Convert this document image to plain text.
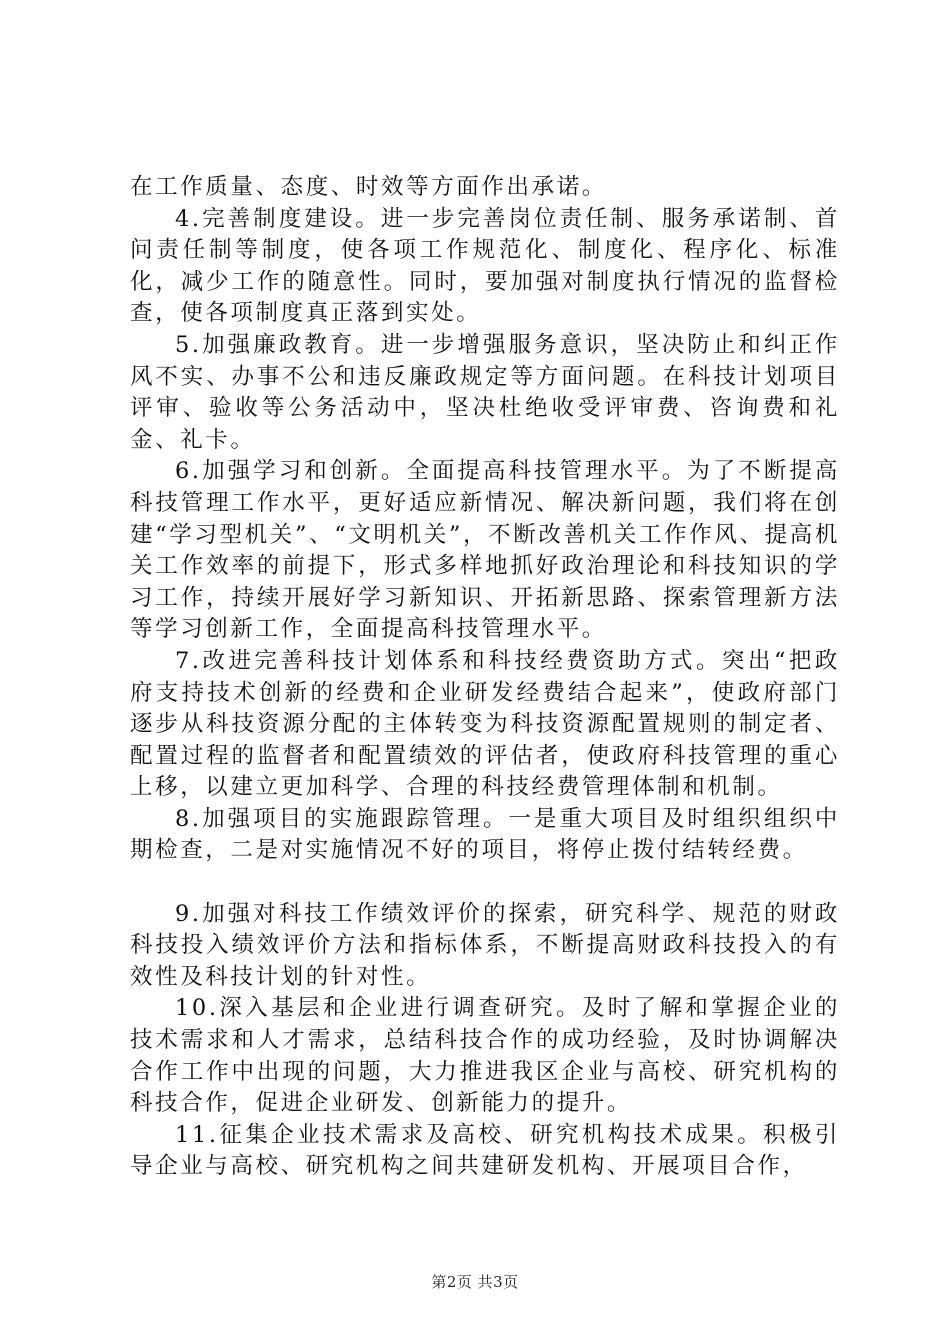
在工作质量、态度、时效等方面作出承诺。

4.完善制度建设。进一步完善岗位责任制、服务承诺制、首问责任制等制度，使各项工作规范化、制度化、程序化、标准化，减少工作的随意性。同时，要加强对制度执行情况的监督检查，使各项制度真正落到实处。

5.加强廉政教育。进一步增强服务意识，坚决防止和纠正作风不实、办事不公和违反廉政规定等方面问题。在科技计划项目评审、验收等公务活动中，坚决杜绝收受评审费、咨询费和礼金、礼卡。

6.加强学习和创新。全面提高科技管理水平。为了不断提高科技管理工作水平，更好适应新情况、解决新问题，我们将在创建“学习型机关”、“文明机关”，不断改善机关工作作风、提高机关工作效率的前提下，形式多样地抓好政治理论和科技知识的学习工作，持续开展好学习新知识、开拓新思路、探索管理新方法等学习创新工作，全面提高科技管理水平。

7.改进完善科技计划体系和科技经费资助方式。突出“把政府支持技术创新的经费和企业研发经费结合起来”，使政府部门逐步从科技资源分配的主体转变为科技资源配置规则的制定者、配置过程的监督者和配置绩效的评估者，使政府科技管理的重心上移，以建立更加科学、合理的科技经费管理体制和机制。

8.加强项目的实施跟踪管理。一是重大项目及时组织组织中期检查，二是对实施情况不好的项目，将停止拨付结转经费。

9.加强对科技工作绩效评价的探索，研究科学、规范的财政科技投入绩效评价方法和指标体系，不断提高财政科技投入的有效性及科技计划的针对性。

10.深入基层和企业进行调查研究。及时了解和掌握企业的技术需求和人才需求，总结科技合作的成功经验，及时协调解决合作工作中出现的问题，大力推进我区企业与高校、研究机构的科技合作，促进企业研发、创新能力的提升。

11.征集企业技术需求及高校、研究机构技术成果。积极引导企业与高校、研究机构之间共建研发机构、开展项目合作，

第2页 共3页
